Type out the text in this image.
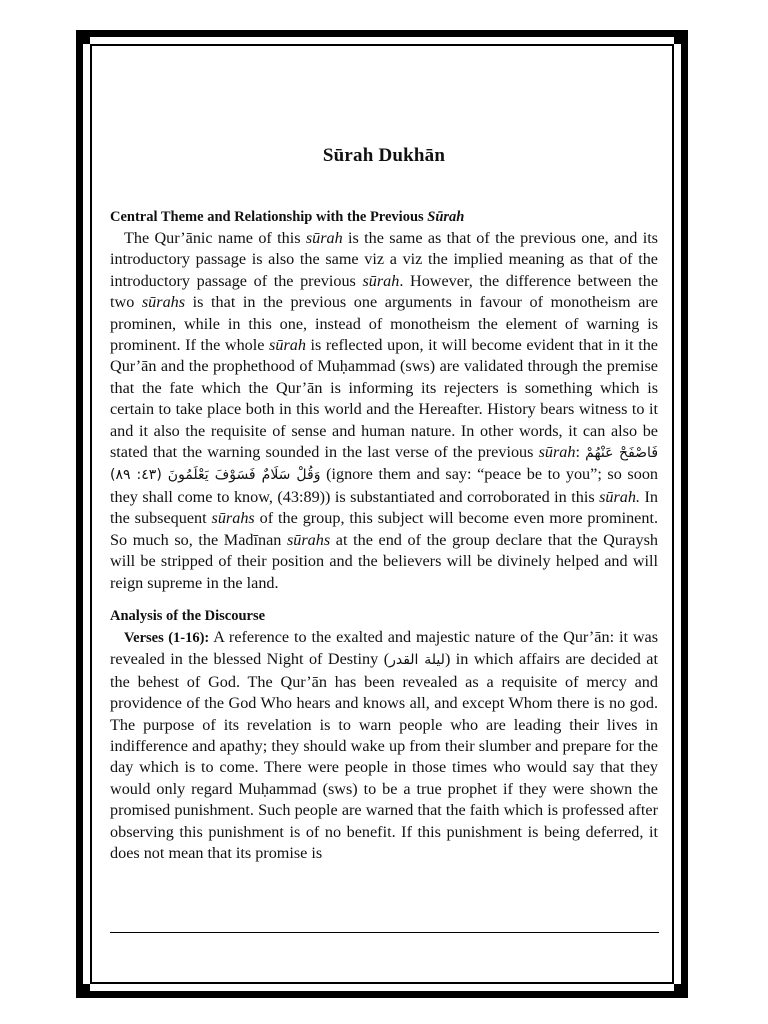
Sūrah Dukhān
Central Theme and Relationship with the Previous Sūrah

The Qur’ānic name of this sūrah is the same as that of the previous one, and its introductory passage is also the same viz a viz the implied meaning as that of the introductory passage of the previous sūrah. However, the difference between the two sūrahs is that in the previous one arguments in favour of monotheism are prominen, while in this one, instead of monotheism the element of warning is prominent. If the whole sūrah is reflected upon, it will become evident that in it the Qur’ān and the prophethood of Muḥammad (sws) are validated through the premise that the fate which the Qur’ān is informing its rejecters is something which is certain to take place both in this world and the Hereafter. History bears witness to it and it also the requisite of sense and human nature. In other words, it can also be stated that the warning sounded in the last verse of the previous sūrah: فَاصْفَحْ عَنْهُمْ وَقُلْ سَلَامٌ فَسَوْفَ يَعْلَمُونَ (٤٣: ٨٩) (ignore them and say: “peace be to you”; so soon they shall come to know, (43:89)) is substantiated and corroborated in this sūrah. In the subsequent sūrahs of the group, this subject will become even more prominent. So much so, the Madīnan sūrahs at the end of the group declare that the Quraysh will be stripped of their position and the believers will be divinely helped and will reign supreme in the land.

Analysis of the Discourse

Verses (1-16): A reference to the exalted and majestic nature of the Qur’ān: it was revealed in the blessed Night of Destiny (ليلة القدر) in which affairs are decided at the behest of God. The Qur’ān has been revealed as a requisite of mercy and providence of the God Who hears and knows all, and except Whom there is no god. The purpose of its revelation is to warn people who are leading their lives in indifference and apathy; they should wake up from their slumber and prepare for the day which is to come. There were people in those times who would say that they would only regard Muḥammad (sws) to be a true prophet if they were shown the promised punishment. Such people are warned that the faith which is professed after observing this punishment is of no benefit. If this punishment is being deferred, it does not mean that its promise is
